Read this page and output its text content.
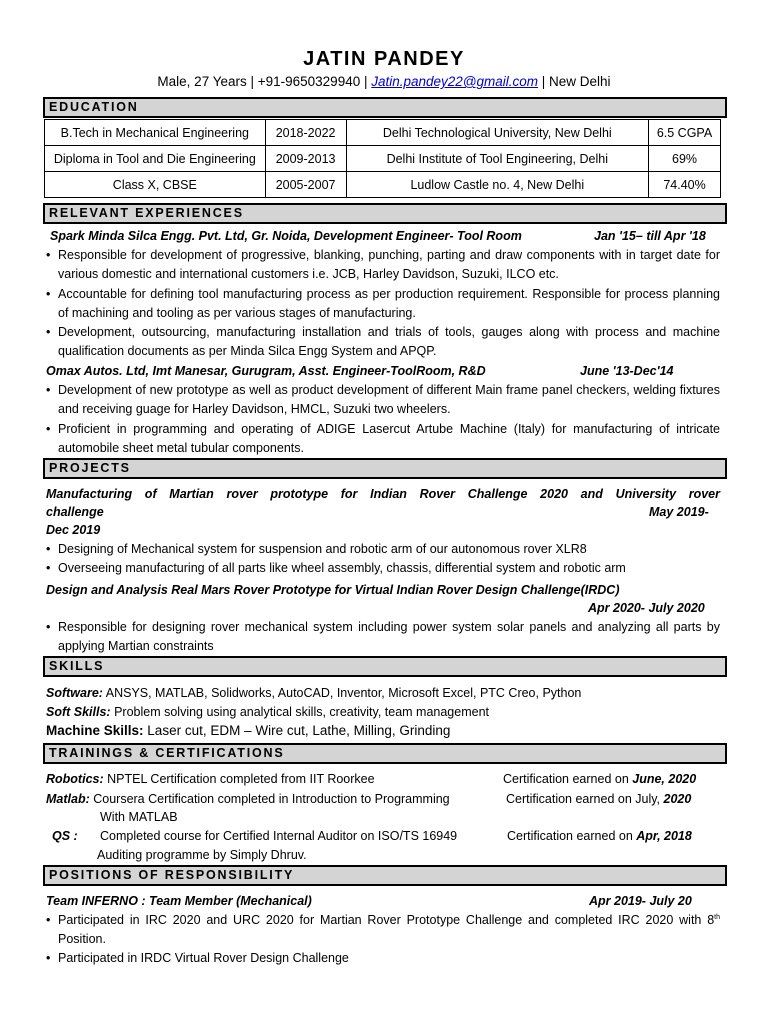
JATIN PANDEY
Male, 27 Years | +91-9650329940 | Jatin.pandey22@gmail.com | New Delhi
EDUCATION
B.Tech in Mechanical Engineering	2018-2022	Delhi Technological University, New Delhi	6.5 CGPA
Diploma in Tool and Die Engineering	2009-2013	Delhi Institute of Tool Engineering, Delhi	69%
Class X, CBSE	2005-2007	Ludlow Castle no. 4, New Delhi	74.40%
RELEVANT EXPERIENCES
Spark Minda Silca Engg. Pvt. Ltd, Gr. Noida, Development Engineer- Tool Room	Jan '15– till Apr '18
• Responsible for development of progressive, blanking, punching, parting and draw components with in target date for various domestic and international customers i.e. JCB, Harley Davidson, Suzuki, ILCO etc.
• Accountable for defining tool manufacturing process as per production requirement. Responsible for process planning of machining and tooling as per various stages of manufacturing.
• Development, outsourcing, manufacturing installation and trials of tools, gauges along with process and machine qualification documents as per Minda Silca Engg System and APQP.
Omax Autos. Ltd, Imt Manesar, Gurugram, Asst. Engineer-ToolRoom, R&D	June '13-Dec'14
• Development of new prototype as well as product development of different Main frame panel checkers, welding fixtures and receiving guage for Harley Davidson, HMCL, Suzuki two wheelers.
• Proficient in programming and operating of ADIGE Lasercut Artube Machine (Italy) for manufacturing of intricate automobile sheet metal tubular components.
PROJECTS
Manufacturing of Martian rover prototype for Indian Rover Challenge 2020 and University rover
challenge	May 2019-
Dec 2019
• Designing of Mechanical system for suspension and robotic arm of our autonomous rover XLR8
• Overseeing manufacturing of all parts like wheel assembly, chassis, differential system and robotic arm
Design and Analysis Real Mars Rover Prototype for Virtual Indian Rover Design Challenge(IRDC)
Apr 2020- July 2020
• Responsible for designing rover mechanical system including power system solar panels and analyzing all parts by applying Martian constraints
SKILLS
Software: ANSYS, MATLAB, Solidworks, AutoCAD, Inventor, Microsoft Excel, PTC Creo, Python
Soft Skills: Problem solving using analytical skills, creativity, team management
Machine Skills: Laser cut, EDM – Wire cut, Lathe, Milling, Grinding
TRAININGS & CERTIFICATIONS
Robotics: NPTEL Certification completed from IIT Roorkee	Certification earned on June, 2020
Matlab: Coursera Certification completed in Introduction to Programming	Certification earned on July, 2020
With MATLAB
QS : Completed course for Certified Internal Auditor on ISO/TS 16949	Certification earned on Apr, 2018
Auditing programme by Simply Dhruv.
POSITIONS OF RESPONSIBILITY
Team INFERNO : Team Member (Mechanical)	Apr 2019- July 20
• Participated in IRC 2020 and URC 2020 for Martian Rover Prototype Challenge and completed IRC 2020 with 8th Position.
• Participated in IRDC Virtual Rover Design Challenge
